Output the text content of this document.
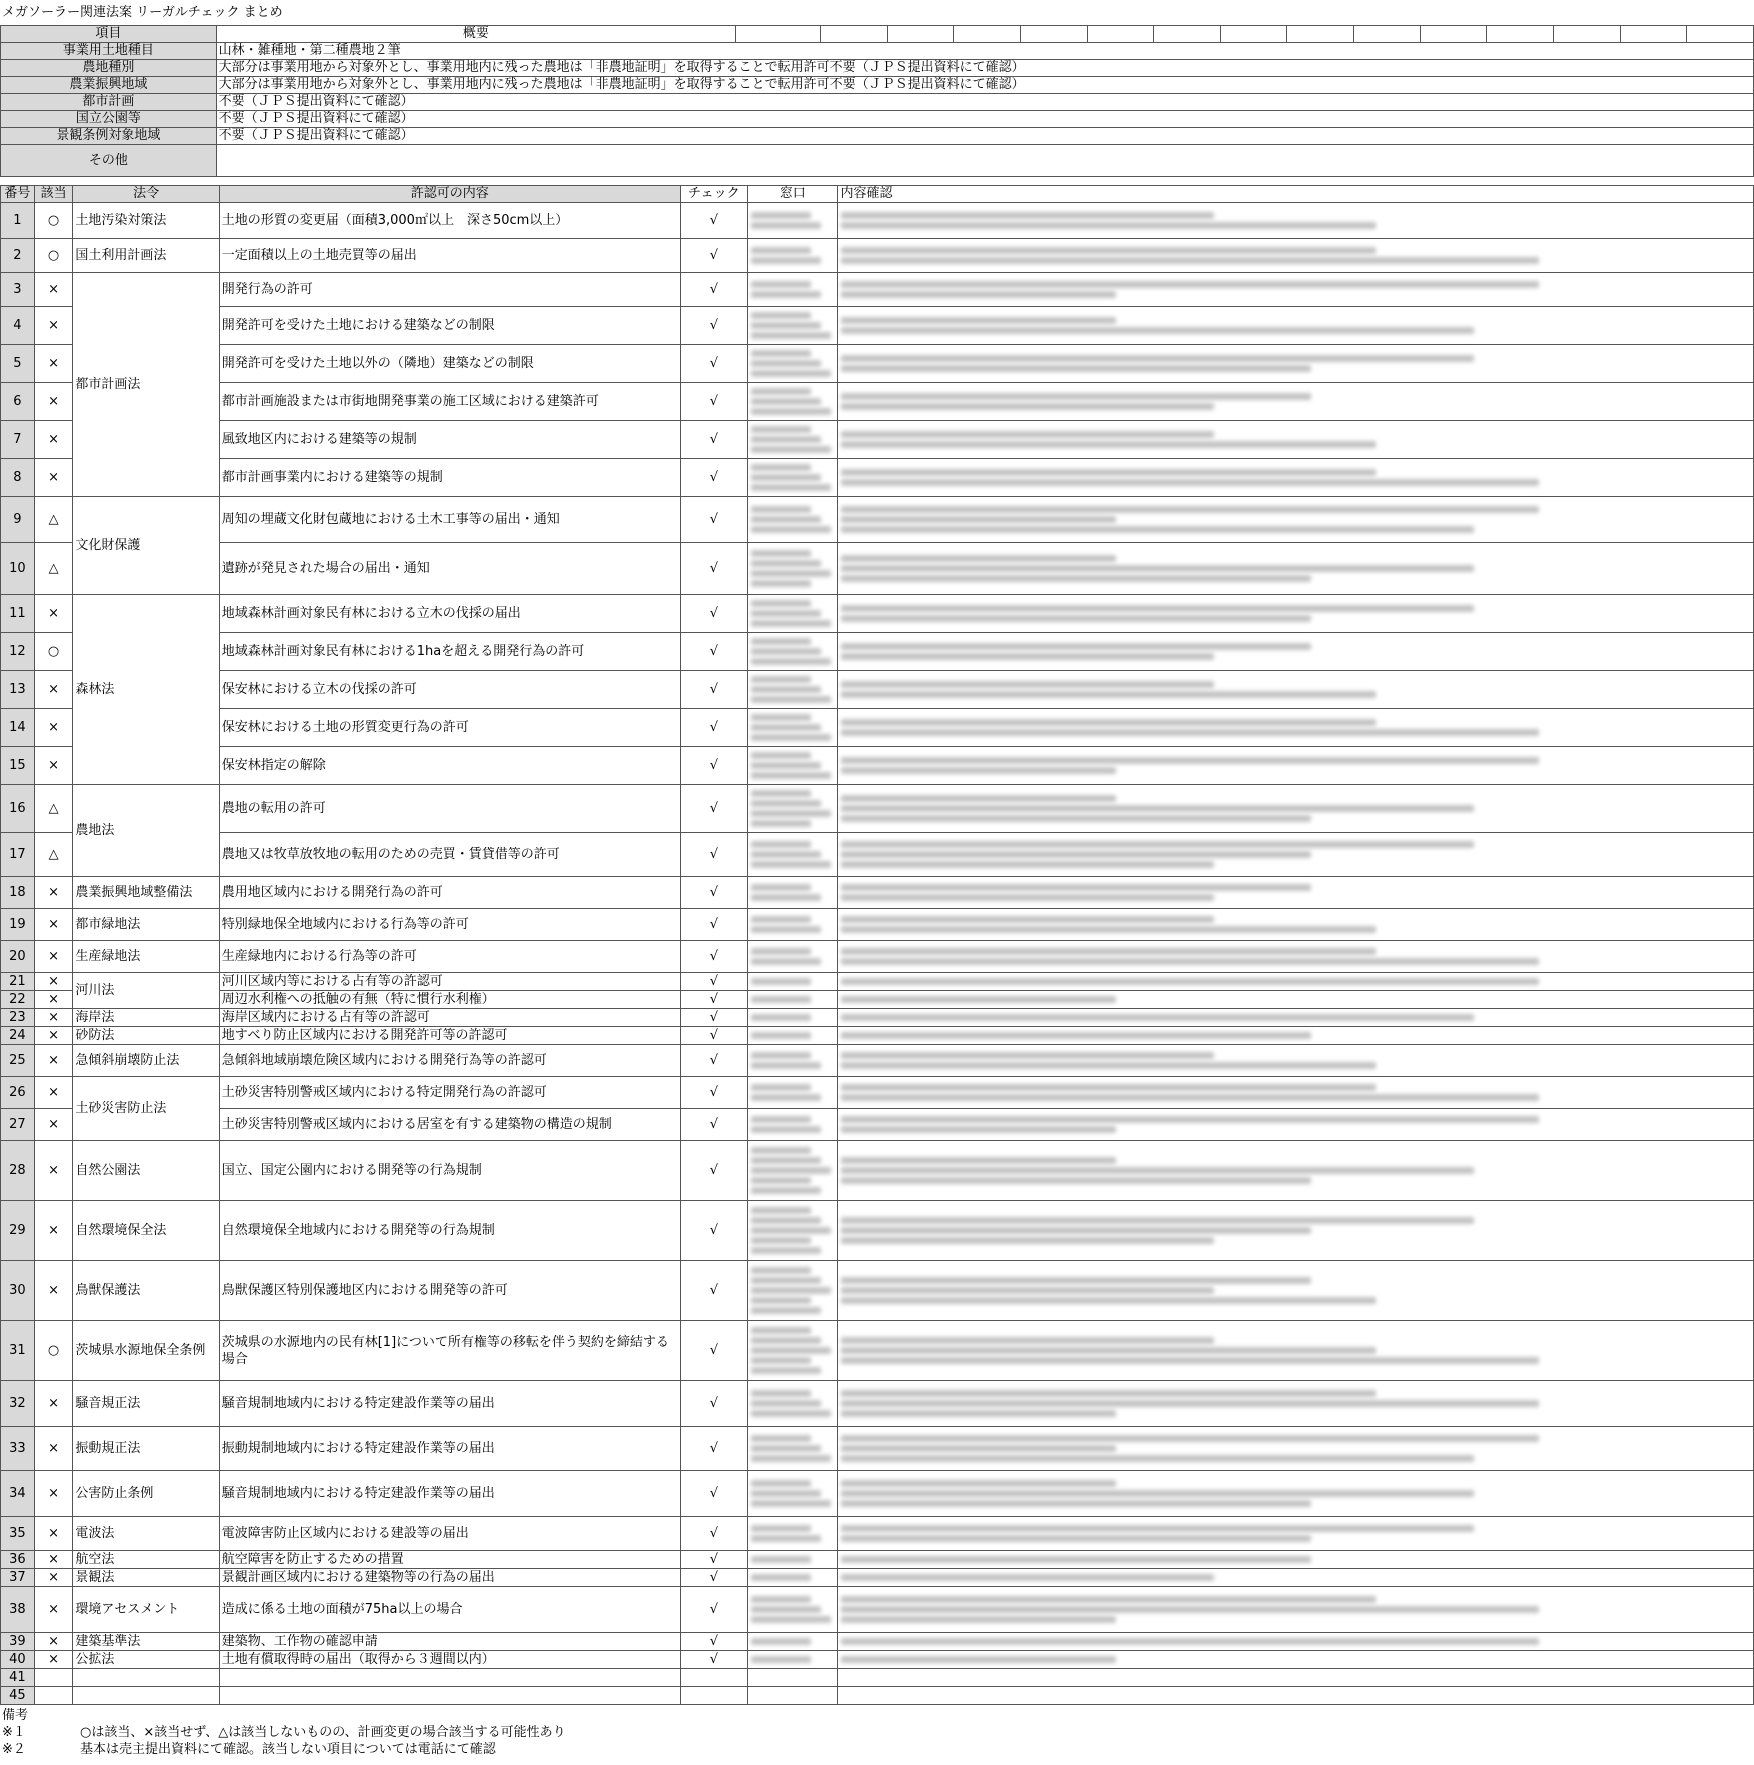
メガソーラー関連法案 リーガルチェック まとめ
項目	概要															
事業用土地種目	山林・雑種地・第二種農地２筆															
農地種別	大部分は事業用地から対象外とし、事業用地内に残った農地は「非農地証明」を取得することで転用許可不要（ＪＰＳ提出資料にて確認）															
農業振興地域	大部分は事業用地から対象外とし、事業用地内に残った農地は「非農地証明」を取得することで転用許可不要（ＪＰＳ提出資料にて確認）															
都市計画	不要（ＪＰＳ提出資料にて確認）															
国立公園等	不要（ＪＰＳ提出資料にて確認）															
景観条例対象地域	不要（ＪＰＳ提出資料にて確認）															
その他																
番号	該当	法令	許認可の内容	チェック	窓口	内容確認
1	○	土地汚染対策法	土地の形質の変更届（面積3,000㎡以上　深さ50cm以上）	√	

2	○	国土利用計画法	一定面積以上の土地売買等の届出	√	

3	×	都市計画法	開発行為の許可	√	

4	×		開発許可を受けた土地における建築などの制限	√	

5	×		開発許可を受けた土地以外の（隣地）建築などの制限	√	

6	×		都市計画施設または市街地開発事業の施工区域における建築許可	√	

7	×		風致地区内における建築等の規制	√	

8	×		都市計画事業内における建築等の規制	√	

9	△	文化財保護	周知の埋蔵文化財包蔵地における土木工事等の届出・通知	√	

10	△		遺跡が発見された場合の届出・通知	√	

11	×	森林法	地域森林計画対象民有林における立木の伐採の届出	√	

12	○		地域森林計画対象民有林における1haを超える開発行為の許可	√	

13	×		保安林における立木の伐採の許可	√	

14	×		保安林における土地の形質変更行為の許可	√	

15	×		保安林指定の解除	√	

16	△	農地法	農地の転用の許可	√	

17	△		農地又は牧草放牧地の転用のための売買・賃貸借等の許可	√	

18	×	農業振興地域整備法	農用地区域内における開発行為の許可	√	

19	×	都市緑地法	特別緑地保全地域内における行為等の許可	√	

20	×	生産緑地法	生産緑地内における行為等の許可	√	

21	×	河川法	河川区域内等における占有等の許認可	√	

22	×		周辺水利権への抵触の有無（特に慣行水利権）	√	

23	×	海岸法	海岸区域内における占有等の許認可	√	

24	×	砂防法	地すべり防止区域内における開発許可等の許認可	√	

25	×	急傾斜崩壊防止法	急傾斜地域崩壊危険区域内における開発行為等の許認可	√	

26	×	土砂災害防止法	土砂災害特別警戒区域内における特定開発行為の許認可	√	

27	×		土砂災害特別警戒区域内における居室を有する建築物の構造の規制	√	

28	×	自然公園法	国立、国定公園内における開発等の行為規制	√	

29	×	自然環境保全法	自然環境保全地域内における開発等の行為規制	√	

30	×	鳥獣保護法	鳥獣保護区特別保護地区内における開発等の許可	√	

31	○	茨城県水源地保全条例	茨城県の水源地内の民有林[1]について所有権等の移転を伴う契約を締結する場合	√	

32	×	騒音規正法	騒音規制地域内における特定建設作業等の届出	√	

33	×	振動規正法	振動規制地域内における特定建設作業等の届出	√	

34	×	公害防止条例	騒音規制地域内における特定建設作業等の届出	√	

35	×	電波法	電波障害防止区域内における建設等の届出	√	

36	×	航空法	航空障害を防止するための措置	√	

37	×	景観法	景観計画区域内における建築物等の行為の届出	√	

38	×	環境アセスメント	造成に係る土地の面積が75ha以上の場合	√	

39	×	建築基準法	建築物、工作物の確認申請	√	

40	×	公拡法	土地有償取得時の届出（取得から３週間以内）	√	

41						
45						
備考
※１	○は該当、×該当せず、△は該当しないものの、計画変更の場合該当する可能性あり
※２	基本は売主提出資料にて確認。該当しない項目については電話にて確認
